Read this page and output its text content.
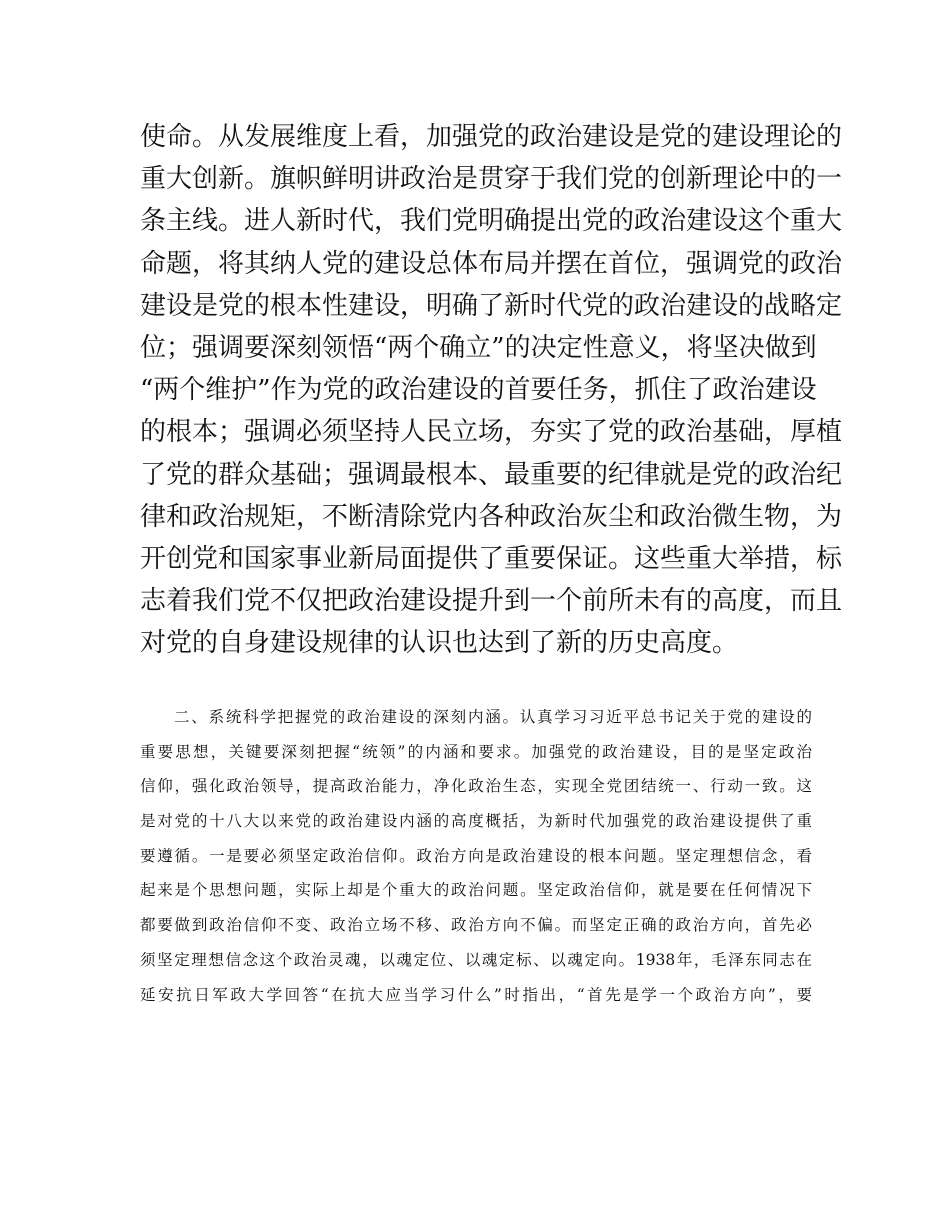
使命。从发展维度上看，加强党的政治建设是党的建设理论的
重大创新。旗帜鲜明讲政治是贯穿于我们党的创新理论中的一
条主线。进人新时代，我们党明确提出党的政治建设这个重大
命题，将其纳人党的建设总体布局并摆在首位，强调党的政治
建设是党的根本性建设，明确了新时代党的政治建设的战略定
位；强调要深刻领悟“两个确立”的决定性意义，将坚决做到
“两个维护”作为党的政治建设的首要任务，抓住了政治建设
的根本；强调必须坚持人民立场，夯实了党的政治基础，厚植
了党的群众基础；强调最根本、最重要的纪律就是党的政治纪
律和政治规矩，不断清除党内各种政治灰尘和政治微生物，为
开创党和国家事业新局面提供了重要保证。这些重大举措，标
志着我们党不仅把政治建设提升到一个前所未有的高度，而且
对党的自身建设规律的认识也达到了新的历史高度。
二、系统科学把握党的政治建设的深刻内涵。认真学习习近平总书记关于党的建设的
重要思想，关键要深刻把握“统领”的内涵和要求。加强党的政治建设，目的是坚定政治
信仰，强化政治领导，提高政治能力，净化政治生态，实现全党团结统一、行动一致。这
是对党的十八大以来党的政治建设内涵的高度概括，为新时代加强党的政治建设提供了重
要遵循。一是要必须坚定政治信仰。政治方向是政治建设的根本问题。坚定理想信念，看
起来是个思想问题，实际上却是个重大的政治问题。坚定政治信仰，就是要在任何情况下
都要做到政治信仰不变、政治立场不移、政治方向不偏。而坚定正确的政治方向，首先必
须坚定理想信念这个政治灵魂，以魂定位、以魂定标、以魂定向。1938年，毛泽东同志在
延安抗日军政大学回答“在抗大应当学习什么”时指出，“首先是学一个政治方向”，要
